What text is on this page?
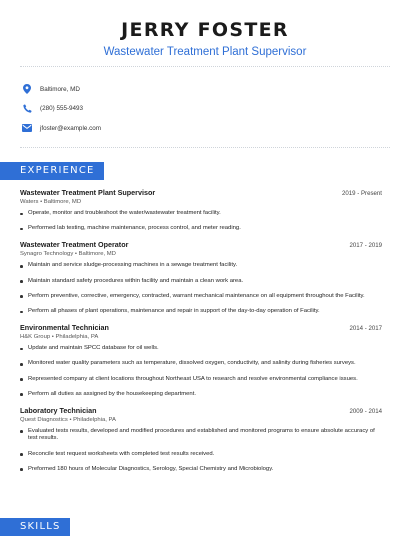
JERRY FOSTER
Wastewater Treatment Plant Supervisor
Baltimore, MD
(280) 555-9493
jfoster@example.com
EXPERIENCE
Wastewater Treatment Plant Supervisor	2019 - Present
Waters • Baltimore, MD
Operate, monitor and troubleshoot the water/wastewater treatment facility.
Performed lab testing, machine maintenance, process control, and meter reading.
Wastewater Treatment Operator	2017 - 2019
Synagro Technology • Baltimore, MD
Maintain and service sludge-processing machines in a sewage treatment facility.
Maintain standard safety procedures within facility and maintain a clean work area.
Perform preventive, corrective, emergency, contracted, warrant mechanical maintenance on all equipment throughout the Facility.
Perform all phases of plant operations, maintenance and repair in support of the day-to-day operation of Facility.
Environmental Technician	2014 - 2017
H&K Group • Philadelphia, PA
Update and maintain SPCC database for oil wells.
Monitored water quality parameters such as temperature, dissolved oxygen, conductivity, and salinity during fisheries surveys.
Represented company at client locations throughout Northeast USA to research and resolve environmental compliance issues.
Perform all duties as assigned by the housekeeping department.
Laboratory Technician	2009 - 2014
Quest Diagnostics • Philadelphia, PA
Evaluated tests results, developed and modified procedures and established and monitored programs to ensure absolute accuracy of test results.
Reconcile test request worksheets with completed test results received.
Preformed 180 hours of Molecular Diagnostics, Serology, Special Chemistry and Microbiology.
SKILLS
